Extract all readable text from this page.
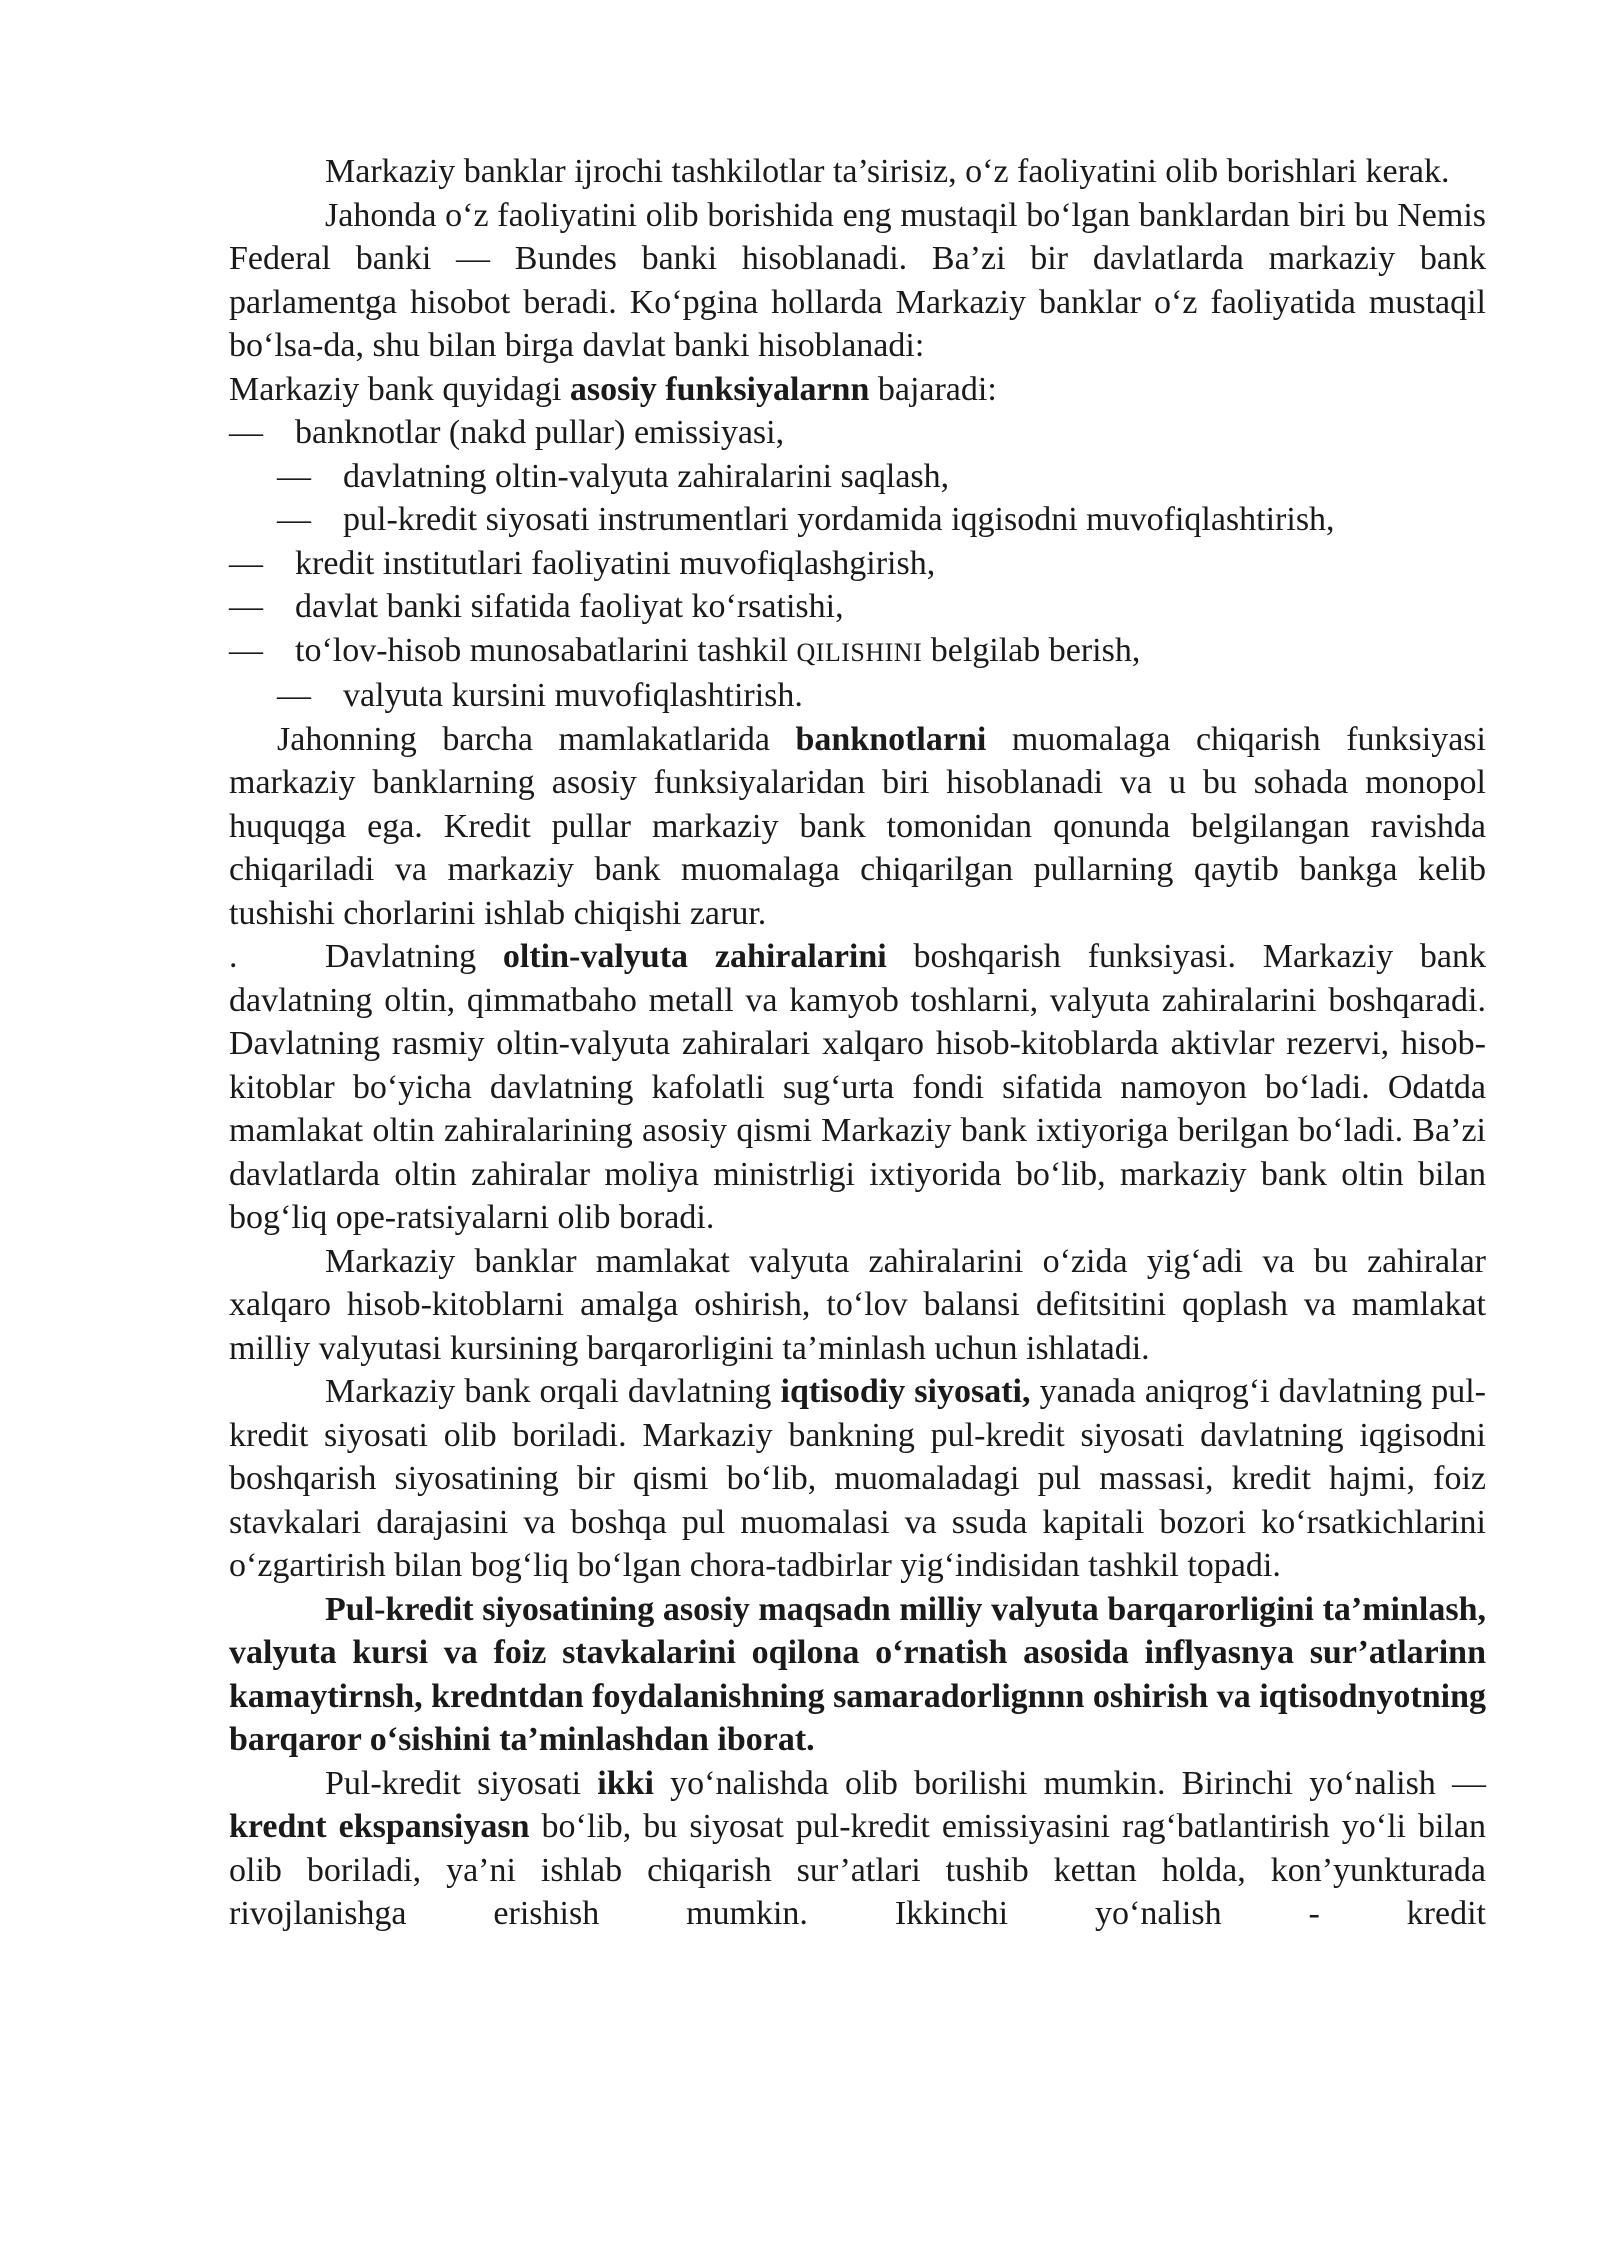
Markaziy banklar ijrochi tashkilotlar ta’sirisiz, o‘z faoliyatini olib borishlari kerak.

Jahonda o‘z faoliyatini olib borishida eng mustaqil bo‘lgan banklardan biri bu Nemis Federal banki — Bundes banki hisoblanadi. Ba’zi bir davlatlarda markaziy bank parlamentga hisobot beradi. Ko‘pgina hollarda Markaziy banklar o‘z faoliyatida mustaqil bo‘lsa-da, shu bilan birga davlat banki hisoblanadi:

Markaziy bank quyidagi asosiy funksiyalarnn bajaradi:

— banknotlar (nakd pullar) emissiyasi,

— davlatning oltin-valyuta zahiralarini saqlash,

— pul-kredit siyosati instrumentlari yordamida iqgisodni muvofiqlashtirish,

— kredit institutlari faoliyatini muvofiqlashgirish,

— davlat banki sifatida faoliyat ko‘rsatishi,

— to‘lov-hisob munosabatlarini tashkil QILISHINI belgilab berish,

— valyuta kursini muvofiqlashtirish.

Jahonning barcha mamlakatlarida banknotlarni muomalaga chiqarish funksiyasi markaziy banklarning asosiy funksiyalaridan biri hisoblanadi va u bu sohada monopol huquqga ega. Kredit pullar markaziy bank tomonidan qonunda belgilangan ravishda chiqariladi va markaziy bank muomalaga chiqarilgan pullarning qaytib bankga kelib tushishi chorlarini ishlab chiqishi zarur.

.	Davlatning oltin-valyuta zahiralarini boshqarish funksiyasi. Markaziy bank davlatning oltin, qimmatbaho metall va kamyob toshlarni, valyuta zahiralarini boshqaradi. Davlatning rasmiy oltin-valyuta zahiralari xalqaro hisob-kitoblarda aktivlar rezervi, hisob-kitoblar bo‘yicha davlatning kafolatli sug‘urta fondi sifatida namoyon bo‘ladi. Odatda mamlakat oltin zahiralarining asosiy qismi Markaziy bank ixtiyoriga berilgan bo‘ladi. Ba’zi davlatlarda oltin zahiralar moliya ministrligi ixtiyorida bo‘lib, markaziy bank oltin bilan bog‘liq ope-ratsiyalarni olib boradi.

Markaziy banklar mamlakat valyuta zahiralarini o‘zida yig‘adi va bu zahiralar xalqaro hisob-kitoblarni amalga oshirish, to‘lov balansi defitsitini qoplash va mamlakat milliy valyutasi kursining barqarorligini ta’minlash uchun ishlatadi.

Markaziy bank orqali davlatning iqtisodiy siyosati, yanada aniqrog‘i davlatning pul-kredit siyosati olib boriladi. Markaziy bankning pul-kredit siyosati davlatning iqgisodni boshqarish siyosatining bir qismi bo‘lib, muomaladagi pul massasi, kredit hajmi, foiz stavkalari darajasini va boshqa pul muomalasi va ssuda kapitali bozori ko‘rsatkichlarini o‘zgartirish bilan bog‘liq bo‘lgan chora-tadbirlar yig‘indisidan tashkil topadi.

Pul-kredit siyosatining asosiy maqsadn milliy valyuta barqarorligini ta’minlash, valyuta kursi va foiz stavkalarini oqilona o‘rnatish asosida inflyasnya sur’atlarinn kamaytirnsh, kredntdan foydalanishning samaradorlignnn oshirish va iqtisodnyotning barqaror o‘sishini ta’minlashdan iborat.

Pul-kredit siyosati ikki yo‘nalishda olib borilishi mumkin. Birinchi yo‘nalish — krednt ekspansiyasn bo‘lib, bu siyosat pul-kredit emissiyasini rag‘batlantirish yo‘li bilan olib boriladi, ya’ni ishlab chiqarish sur’atlari tushib kettan holda, kon’yunkturada rivojlanishga erishish mumkin. Ikkinchi yo‘nalish - kredit
